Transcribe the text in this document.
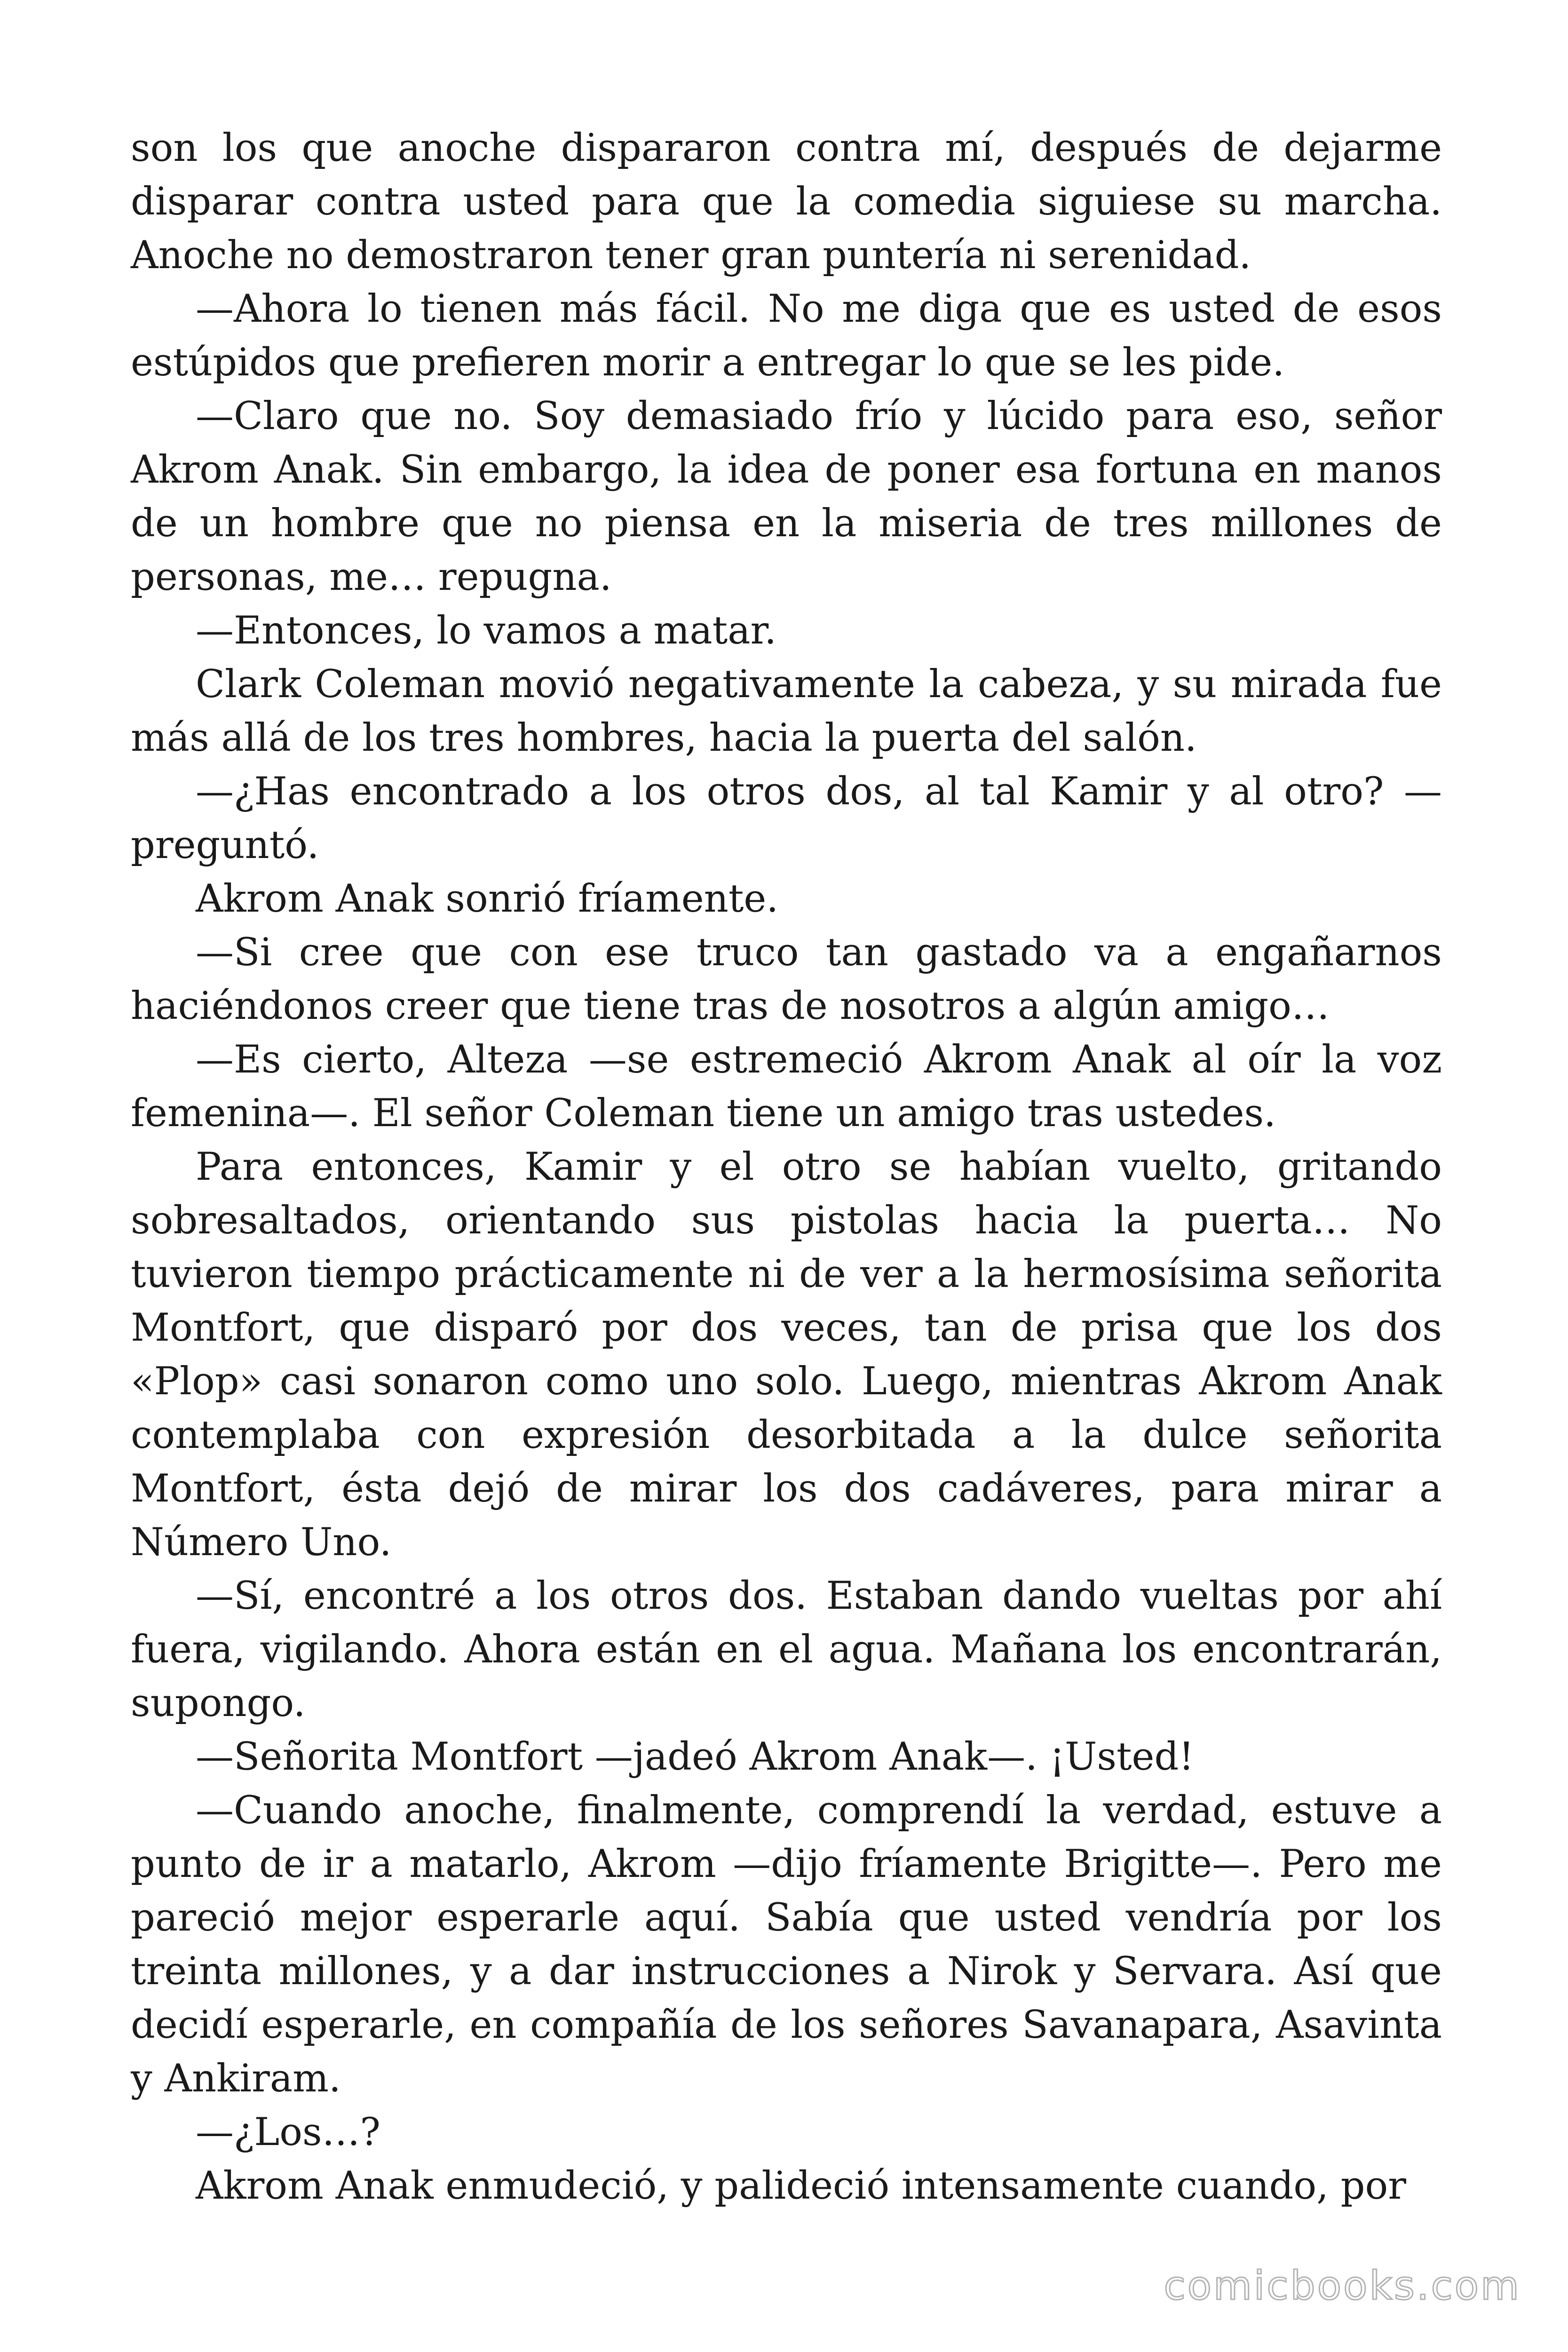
son los que anoche dispararon contra mí, después de dejarme disparar contra usted para que la comedia siguiese su marcha. Anoche no demostraron tener gran puntería ni serenidad.

—Ahora lo tienen más fácil. No me diga que es usted de esos estúpidos que prefieren morir a entregar lo que se les pide.

—Claro que no. Soy demasiado frío y lúcido para eso, señor Akrom Anak. Sin embargo, la idea de poner esa fortuna en manos de un hombre que no piensa en la miseria de tres millones de personas, me… repugna.

—Entonces, lo vamos a matar.

Clark Coleman movió negativamente la cabeza, y su mirada fue más allá de los tres hombres, hacia la puerta del salón.

—¿Has encontrado a los otros dos, al tal Kamir y al otro? —preguntó.

Akrom Anak sonrió fríamente.

—Si cree que con ese truco tan gastado va a engañarnos haciéndonos creer que tiene tras de nosotros a algún amigo…

—Es cierto, Alteza —se estremeció Akrom Anak al oír la voz femenina—. El señor Coleman tiene un amigo tras ustedes.

Para entonces, Kamir y el otro se habían vuelto, gritando sobresaltados, orientando sus pistolas hacia la puerta… No tuvieron tiempo prácticamente ni de ver a la hermosísima señorita Montfort, que disparó por dos veces, tan de prisa que los dos «Plop» casi sonaron como uno solo. Luego, mientras Akrom Anak contemplaba con expresión desorbitada a la dulce señorita Montfort, ésta dejó de mirar los dos cadáveres, para mirar a Número Uno.

—Sí, encontré a los otros dos. Estaban dando vueltas por ahí fuera, vigilando. Ahora están en el agua. Mañana los encontrarán, supongo.

—Señorita Montfort —jadeó Akrom Anak—. ¡Usted!

—Cuando anoche, finalmente, comprendí la verdad, estuve a punto de ir a matarlo, Akrom —dijo fríamente Brigitte—. Pero me pareció mejor esperarle aquí. Sabía que usted vendría por los treinta millones, y a dar instrucciones a Nirok y Servara. Así que decidí esperarle, en compañía de los señores Savanapara, Asavinta y Ankiram.

—¿Los…?

Akrom Anak enmudeció, y palideció intensamente cuando, por

comicbooks.com
